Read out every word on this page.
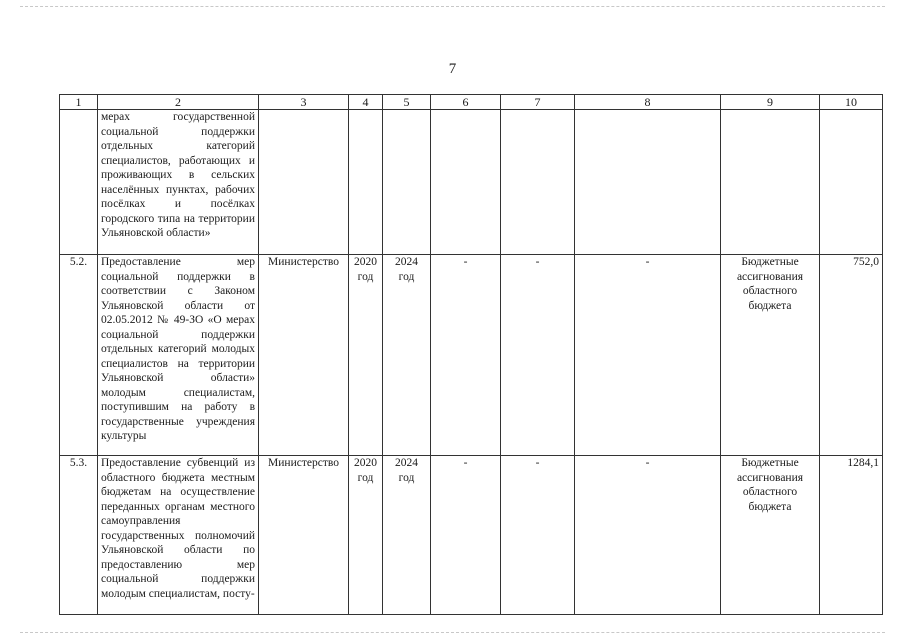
7
1	2	3	4	5	6	7	8	9	10
	мерах государственной социальной поддержки отдельных категорий специалистов, работающих и проживающих в сельских населённых пунктах, рабочих посёлках и посёлках городского типа на территории Ульяновской области»								
5.2.	Предоставление мер социальной поддержки в соответствии с Законом Ульяновской области от 02.05.2012 № 49-ЗО «О мерах социальной поддержки отдельных категорий молодых специалистов на территории Ульяновской области» молодым специалистам, поступившим на работу в государственные учреждения культуры	Министерство	2020 год	2024 год	-	-	-	Бюджетные ассигнования областного бюджета	752,0
5.3.	Предоставление субвенций из областного бюджета местным бюджетам на осуществление переданных органам местного самоуправления государственных полномочий Ульяновской области по предоставлению мер социальной поддержки молодым специалистам, посту-	Министерство	2020 год	2024 год	-	-	-	Бюджетные ассигнования областного бюджета	1284,1
